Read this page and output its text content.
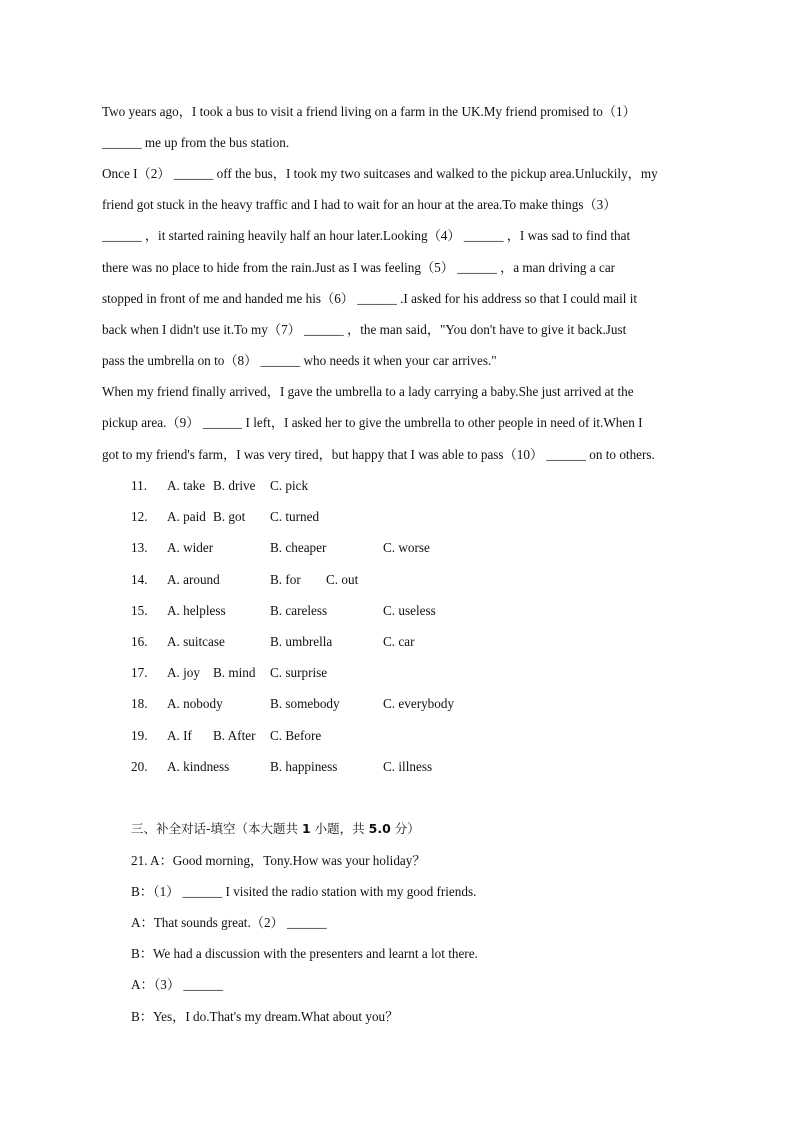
Two years ago，I took a bus to visit a friend living on a farm in the UK.My friend promised to（1）
______ me up from the bus station.
Once I（2） ______ off the bus，I took my two suitcases and walked to the pickup area.Unluckily，my
friend got stuck in the heavy traffic and I had to wait for an hour at the area.To make things（3）
______ ，it started raining heavily half an hour later.Looking（4） ______ ，I was sad to find that
there was no place to hide from the rain.Just as I was feeling（5） ______ ，a man driving a car
stopped in front of me and handed me his（6） ______ .I asked for his address so that I could mail it
back when I didn't use it.To my（7） ______ ，the man said，"You don't have to give it back.Just
pass the umbrella on to（8） ______ who needs it when your car arrives."
When my friend finally arrived，I gave the umbrella to a lady carrying a baby.She just arrived at the
pickup area.（9） ______ I left，I asked her to give the umbrella to other people in need of it.When I
got to my friend's farm，I was very tired，but happy that I was able to pass（10） ______ on to others.
11. A. take B. drive C. pick
12. A. paid B. got C. turned
13. A. wider	B. cheaper	C. worse
14. A. around	B. for C. out
15. A. helpless	B. careless	C. useless
16. A. suitcase	B. umbrella	C. car
17. A. joy B. mind C. surprise
18. A. nobody	B. somebody	C. everybody
19. A. If B. After C. Before
20. A. kindness	B. happiness	C. illness
三、补全对话-填空（本大题共 1 小题，共 5.0 分）
21. A：Good morning，Tony.How was your holiday？
B：（1） ______ I visited the radio station with my good friends.
A：That sounds great.（2） ______
B：We had a discussion with the presenters and learnt a lot there.
A：（3） ______
B：Yes，I do.That's my dream.What about you？
